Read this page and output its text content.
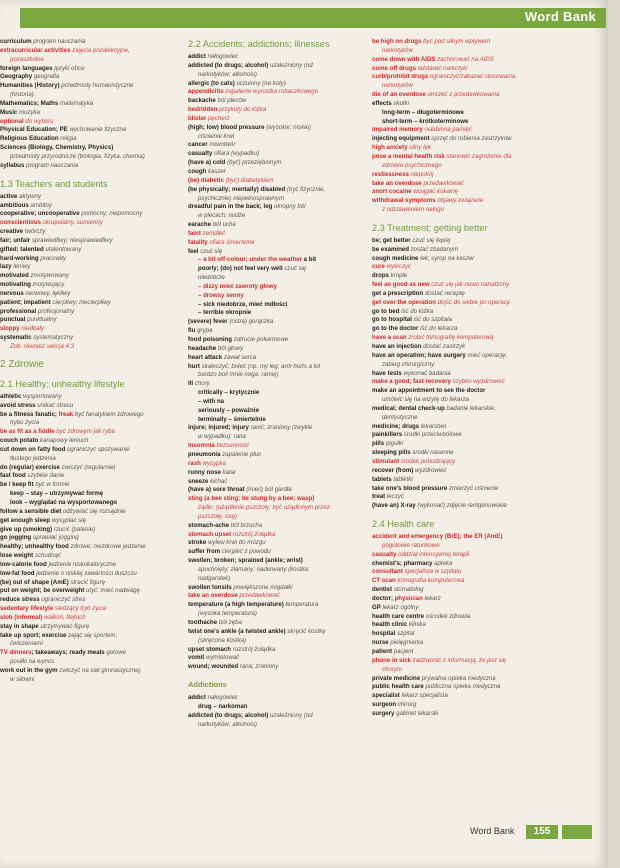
Word Bank
curriculum program nauczania
extracurricular activities zajęcia pozalekcyjne,
pozaszkolne
foreign languages języki obce
Geography geografia
Humanities (History) przedmioty humanistyczne
(historia)
Mathematics; Maths matematyka
Music muzyka
optional do wyboru
Physical Education; PE wychowanie fizyczne
Religious Education religia
Sciences (Biology, Chemistry, Physics)
przedmioty przyrodnicze (biologia, fizyka, chemia)
syllabus program nauczania
1.3 Teachers and students
active aktywny
ambitious ambitny
cooperative; uncooperative pomocny; niepomocny
conscientious skrupulatny, sumienny
creative twórczy
fair; unfair sprawiedliwy; niesprawiedliwy
gifted; talented utalentowany
hard-working pracowity
lazy leniwy
motivated zmotywowany
motivating motywujący
nervous nerwowy, lękliwy
patient; impatient cierpliwy; niecierpliwy
professional profesjonalny
punctual punktualny
sloppy niedbały
systematic systematyczny
Zob. również sekcja 4.3
2 Zdrowie
2.1 Healthy; unhealthy lifestyle
athletic wysportowany
avoid stress unikać stresu
be a fitness fanatic; freak być fanatykiem zdrowego
trybu życia
be as fit as a fiddle być zdrowym jak ryba
couch potato kanapowy leniuch
cut down on fatty food ograniczyć spożywanie
tłustego jedzenia
do (regular) exercise ćwiczyć (regularnie)
fast food szybkie danie
be / keep fit być w formie
keep – stay – utrzymywać formę
look – wyglądać na wysportowanego
follow a sensible diet odżywiać się rozsądnie
get enough sleep wysypiać się
give up (smoking) rzucić (palenie)
go jogging uprawiać jogging
healthy; unhealthy food zdrowe; niezdrowe jedzenie
lose weight schudnąć
low-calorie food jedzenie niskokaloryczne
low-fat food jedzenie o niskiej zawartości tłuszczu
(be) out of shape (AmE) stracić figurę
put on weight; be overweight utyć; mieć nadwagę
reduce stress ograniczyć stres
sedentary lifestyle siedzący tryb życia
slob (informal) wałkoń, flejtuch
stay in shape utrzymywać figurę
take up sport; exercise zająć się sportem;
ćwiczeniami
TV dinners; takeaways; ready meals gotowe
posiłki na wynos
work out in the gym ćwiczyć na sali gimnastycznej,
w siłowni
2.2 Accidents; addictions; illnesses
addict nałogowiec
addicted (to drugs; alcohol) uzależniony (od
narkotyków; alkoholu)
allergic (to cats) uczulony (na koty)
appendicitis zapalenie wyrostka robaczkowego
backache ból pleców
bedridden przykuty do łóżka
blister pęcherz
(high; low) blood pressure (wysokie; niskie)
ciśnienie krwi
cancer nowotwór
casualty ofiara (wypadku)
(have a) cold (być) przeziębionym
cough kaszel
(be) diabetic (być) diabetykiem
(be physically; mentally) disabled (być fizycznie,
psychicznie) niepełnosprawnym
dreadful pain in the back; leg okropny ból
w plecach; nodze
earache ból ucha
faint zemdleć
fatality ofiara śmiertelna
feel czuć się
– a bit off-colour; under the weather a bit
poorly; (do) not feel very well czuć się
niedobrze
– dizzy mieć zawroty głowy
– drowsy senny
– sick niedobrze, mieć mdłości
– terrible okropnie
(severe) fever (ostra) gorączka
flu grypa
food poisoning zatrucie pokarmowe
headache ból głowy
heart attack zawał serca
hurt skaleczyć; boleć (np. my leg; arm hurts a lot
bardzo boli mnie noga; ramię)
ill chory
critically – krytycznie
– with na
seriously – poważnie
terminally – śmiertelnie
injure; injured; injury ranić; zraniony (zwykle
w wypadku); rana
insomnia bezsenność
pneumonia zapalenie płuc
rash wysypka
runny nose katar
sneeze kichać
(have a) sore throat (mieć) ból gardła
sting (a bee sting; be stung by a bee; wasp)
żądło; (użądlenie pszczoły; być użądlonym przez
pszczołę, osę)
stomach-ache ból brzucha
stomach upset rozstrój żołądka
stroke wylew krwi do mózgu
suffer from cierpieć z powodu
swollen; broken; sprained (ankle; wrist)
spuchnięty; złamany; naderwany (kostka;
nadgarstek)
swollen tonsils powiększone migdałki
take an overdose przedawkować
temperature (a high temperature) temperatura
(wysoka temperatura)
toothache ból zęba
twist one's ankle (a twisted ankle) skręcić kostkę
(skręcona kostka)
upset stomach rozstrój żołądka
vomit wymiotować
wound; wounded rana; zraniony
Addictions
addict nałogowiec
drug – narkoman
addicted (to drugs; alcohol) uzależniony (od
narkotyków; alkoholu)
be high on drugs być pod silnym wpływem
narkotyków
come down with AIDS zachorować na AIDS
come off drugs odstawić narkotyki
curb/prohibit drugs ograniczyć/zakazać stosowania
narkotyków
die of an overdose umrzeć z przedawkowania
effects skutki
long-term – długoterminowe
short-term – krótkoterminowe
impaired memory osłabiona pamięć
injecting equipment sprzęt do robienia zastrzyków
high anxiety silny lęk
pose a mental health risk stanowić zagrożenie dla
zdrowia psychicznego
restlessness niepokój
take an overdose przedawkować
snort cocaine wciągać kokainę
withdrawal symptoms objawy związane
z odstawieniem nałogu
2.3 Treatment; getting better
be; get better czuć się lepiej
be examined zostać zbadanym
cough medicine lek; syrop na kaszel
cure wyleczyć
drops krople
feel as good as new czuć się jak nowo narodzony
get a prescription dostać receptę
get over the operation dojść do siebie po operacji
go to bed iść do łóżka
go to hospital iść do szpitala
go to the doctor iść do lekarza
have a scan zrobić tomografię komputerową
have an injection dostać zastrzyk
have an operation; have surgery mieć operację;
zabieg chirurgiczny
have tests wykonać badania
make a good; fast recovery szybko wyzdrowieć
make an appointment to see the doctor
umówić się na wizytę do lekarza
medical; dental check-up badanie lekarskie;
dentystyczne
medicine; drugs lekarstwo
painkillers środki przeciwbólowe
pills pigułki
sleeping pills środki nasenne
stimulant środek pobudzający
recover (from) wyzdrowieć
tablets tabletki
take one's blood pressure zmierzyć ciśnienie
treat leczyć
(have an) X-ray (wykonać) zdjęcie rentgenowskie
2.4 Health care
accident and emergency (BrE); the ER (AmE)
pogotowie ratunkowe
casualty oddział intensywnej terapii
chemist's; pharmacy apteka
consultant specjalista w szpitalu
CT scan tomografia komputerowa
dentist stomatolog
doctor; physician lekarz
GP lekarz ogólny
health care centre ośrodek zdrowia
health clinic klinika
hospital szpital
nurse pielęgniarka
patient pacjent
phone in sick zadzwonić z informacją, że jest się
chorym
private medicine prywatna opieka medyczna
public health care publiczna opieka medyczna
specialist lekarz specjalista
surgeon chirurg
surgery gabinet lekarski
Word Bank	155
